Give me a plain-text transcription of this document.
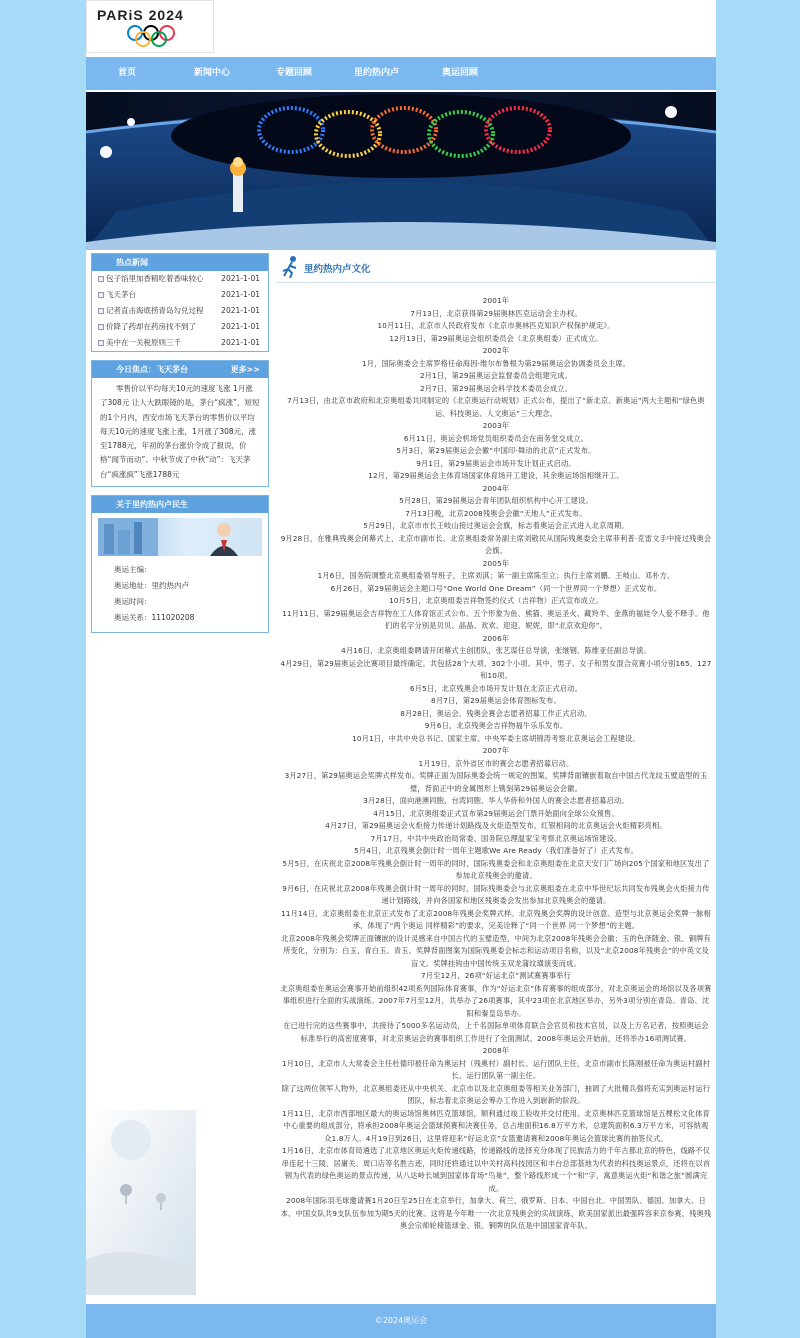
PARiS 2024
首页	新闻中心	专题回顾	里约热内卢	奥运回顾
热点新闻
包子馅里加香精吃着香味较心 2021-1-01
飞天茅台	2021-1-01
记者直击海底捞青岛勾兑过程 2021-1-01
价降了药却在药房找不到了	2021-1-01
美中在一关税原则三千	2021-1-01
今日焦点：飞天茅台	更多>>
零售价以平均每天10元的速度飞涨 1月涨了308元 让人大跌眼镜的是，茅台“疯涨”，短短的1个月内，西安市场飞天茅台的零售价以平均每天10元的速度飞涨上涨，1月涨了308元，涨至1788元，年初的茅台涨价令成了报说，价格“闻节而动”。中秋节成了中秋“动”：飞天茅台“疯涨疯”飞涨1788元
关于里约热内卢民生
奥运主编：
奥运地址：里约热内卢
奥运时间：
奥运关系：111020208
里约热内卢文化

2001年

7月13日，北京获得第29届奥林匹克运动会主办权。

10月11日，北京市人民政府发布《北京市奥林匹克知识产权保护规定》。

12月13日，第29届奥运会组织委员会（北京奥组委）正式成立。

2002年

1月，国际奥委会主席罗格任命海因·维尔布鲁根为第29届奥运会协调委员会主席。

2月1日，第29届奥运会监督委员会组建完成。

2月7日，第29届奥运会科学技术委员会成立。

7月13日，由北京市政府和北京奥组委共同制定的《北京奥运行动规划》正式公布，提出了“新北京、新奥运”两大主题和“绿色奥运、科技奥运、人文奥运”三大理念。

2003年

6月11日，奥运会机场党员组织委员会在南务堂交成立。

5月3日，第29届奥运会会徽“中国印·舞动的北京”正式发布。

9月1日，第29届奥运会市场开发计划正式启动。

12月，第29届奥运会主体育场国家体育场开工建设，其余奥运场馆相继开工。

2004年

5月28日，第29届奥运会青年团队组织机构中心开工建设。

7月13日晚，北京2008残奥会会徽“天地人”正式发布。

5月29日，北京市市长王岐山接过奥运会会旗，标志着奥运会正式进入北京周期。

9月28日，在雅典残奥会闭幕式上，北京市副市长、北京奥组委常务副主席刘敬民从国际残奥委会主席菲利普·克雷文手中接过残奥会会旗。

2005年

1月6日，国务院调整北京奥组委领导班子，主席刘淇；第一副主席陈至立；执行主席刘鹏、王岐山、邓朴方。

6月26日，第29届奥运会主题口号“One World One Dream”（同一个世界同一个梦想）正式发布。

10月5日，北京奥组委吉祥物签约仪式（吉祥物）正式宣布成立。

11月11日，第29届奥运会吉祥物在工人体育馆正式公布。五个形象为鱼、熊猫、奥运圣火、藏羚羊、金燕的福娃令人爱不释手。他们的名字分别是贝贝、晶晶、欢欢、迎迎、妮妮，即“北京欢迎你”。

2006年

4月16日，北京奥组委聘请开闭幕式主创团队，张艺谋任总导演，张继钢、陈维亚任副总导演。

4月29日，第29届奥运会比赛项目最终确定。共包括28个大项、302个小项。其中，男子、女子和男女混合竞赛小项分别165、127和10项。

6月5日，北京残奥会市场开发计划在北京正式启动。

8月7日，第29届奥运会体育图标发布。

8月28日，奥运会、残奥会赛会志愿者招募工作正式启动。

9月6日，北京残奥会吉祥物福牛乐乐发布。

10月1日，中共中央总书记、国家主席、中央军委主席胡锦涛考察北京奥运会工程建设。

2007年

1月19日，京外省区市的赛会志愿者招募启动。

3月27日，第29届奥运会奖牌式样发布。奖牌正面为国际奥委会统一规定的图案，奖牌背面镶嵌着取自中国古代龙纹玉璧造型的玉璧，背面正中的金属图形上镌刻第29届奥运会会徽。

3月28日，面向港澳同胞、台湾同胞、华人华侨和外国人的赛会志愿者招募启动。

4月15日，北京奥组委正式宣布第29届奥运会门票开始面向全球公众预售。

4月27日，第29届奥运会火炬接力传递计划路线及火炬造型发布。红银相间的北京奥运会火炬精彩亮相。

7月17日，中共中央政治局常委、国务院总理温家宝考察北京奥运场馆建设。

5月4日，北京残奥会倒计时一周年主题歌We Are Ready（我们准备好了）正式发布。

5月5日，在庆祝北京2008年残奥会倒计时一周年的同时，国际残奥委会和北京奥组委在北京天安门广场向205个国家和地区发出了参加北京残奥会的邀请。

9月6日，在庆祝北京2008年残奥会倒计时一周年的同时，国际残奥委会与北京奥组委在北京中华世纪坛共同发布残奥会火炬接力传递计划路线，并向各国家和地区残奥委会发出参加北京残奥会的邀请。

11月14日，北京奥组委在北京正式发布了北京2008年残奥会奖牌式样。北京残奥会奖牌的设计创意、造型与北京奥运会奖牌一脉相承，体现了“两个奥运 同样精彩”的要求，完美诠释了“同一个世界 同一个梦想”的主题。

北京2008年残奥会奖牌正面镶嵌的设计灵感来自中国古代的玉璧造型，中间为北京2008年残奥会会徽；玉的色泽随金、银、铜牌有所变化，分别为：白玉、青白玉、青玉。奖牌背面图案为国际残奥委会标志和运动项目名称，以及“北京2008年残奥会”的中英文及盲文。奖牌挂钩由中国传统玉双龙蒲纹璜演变而成。

7月至12月，26项“好运北京”测试赛赛事举行

北京奥组委在奥运会赛事开始前组织42项系列国际体育赛事，作为“好运北京”体育赛事的组成部分，对北京奥运会的场馆以及各项赛事组织进行全面的实战演练。2007年7月至12月，共举办了26项赛事，其中23项在北京地区举办，另外3项分别在青岛、青岛、沈阳和秦皇岛举办。

在已进行完的这些赛事中，共接待了5000多名运动员，上千名国际单项体育联合会官员和技术官员，以及上万名记者，按照奥运会标准举行的高密度赛事，对北京奥运会的赛事组织工作进行了全面测试。2008年奥运会开始前，还将举办16项测试赛。

2008年

1月10日，北京市人大常委会主任杜德印被任命为奥运村（残奥村）副村长、运行团队主任，北京市副市长陈刚被任命为奥运村副村长、运行团队第一副主任。

除了这两位领军人物外，北京奥组委还从中央机关、北京市以及北京奥组委等相关业务部门，抽调了大批精兵强将充实到奥运村运行团队，标志着北京奥运会筹办工作进入到崭新的阶段。

1月11日，北京市西部地区最大的奥运场馆奥林匹克篮球馆，顺利通过竣工验收并交付使用。北京奥林匹克篮球馆是五棵松文化体育中心重要的组成部分，将承担2008年奥运会篮球预赛和决赛任务，总占地面积16.8万平方米，总建筑面积6.3万平方米，可容纳观众1.8万人。4月19日到26日，这里将迎来“好运北京”女篮邀请赛和2008年奥运会篮球比赛的抽签仪式。

1月16日，北京市体育局遴选了北京地区奥运火炬传递线路，传递路线的选择充分体现了民族活力的千年古都北京的特色，线路不仅串连起十三陵、居庸关、周口店等名胜古迹，同时还将通过以中关村高科技园区和丰台总部基地为代表的科技奥运景点，还将在以首钢为代表的绿色奥运的景点传递，从八达岭长城到国家体育场“鸟巢”，整个路线形成一个“和”字，寓意奥运火炬“和谐之旅”圆满完成。

2008年国际羽毛球邀请赛1月20日至25日在北京举行，加拿大、荷兰、俄罗斯、日本、中国台北、中国男队、德国、加拿大、日本、中国女队共9支队伍参加为期5天的比赛。这将是今年唯一一次北京残奥会的实战演练，欧美国家派出最强阵容来京参赛，残奥残奥会宗师轮椅篮球金、银、铜牌的队伍是中国国家青年队。

©2024奥运会
